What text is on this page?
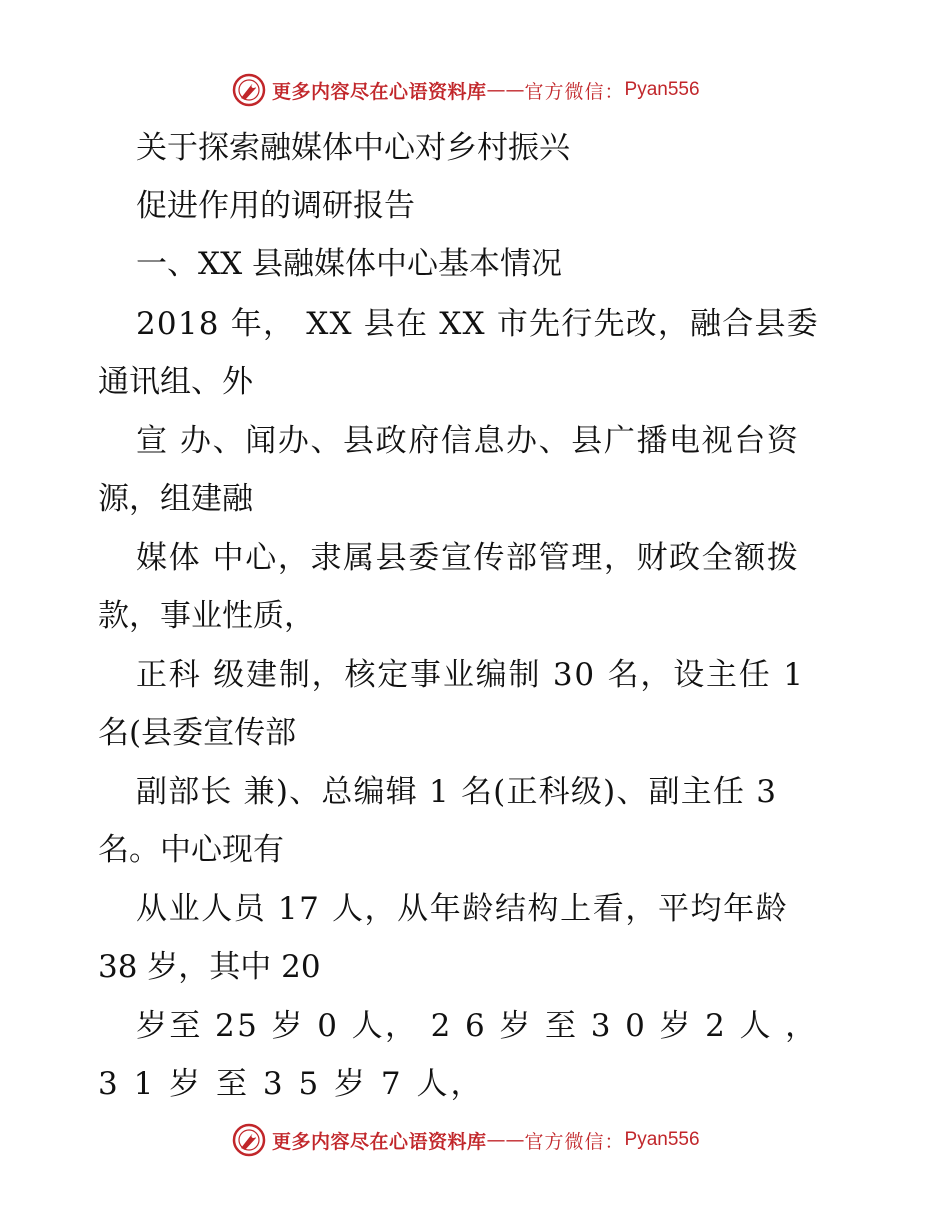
更多内容尽在心语资料库 —— 官方微信： Pyan556
关于探索融媒体中心对乡村振兴
促进作用的调研报告
一、XX 县融媒体中心基本情况
2018 年， XX 县在 XX 市先行先改，融合县委
通讯组、外
宣 办、闻办、县政府信息办、县广播电视台资
源，组建融
媒体 中心，隶属县委宣传部管理，财政全额拨
款，事业性质，
正科 级建制，核定事业编制 30 名，设主任 1
名(县委宣传部
副部长 兼)、总编辑 1 名(正科级)、副主任 3
名。中心现有
从业人员 17 人，从年龄结构上看，平均年龄
38 岁，其中 20
岁至 25 岁 0 人， 2 6 岁 至 3 0 岁 2 人 ，
3 1 岁 至 3 5 岁 7 人，
更多内容尽在心语资料库 —— 官方微信： Pyan556
